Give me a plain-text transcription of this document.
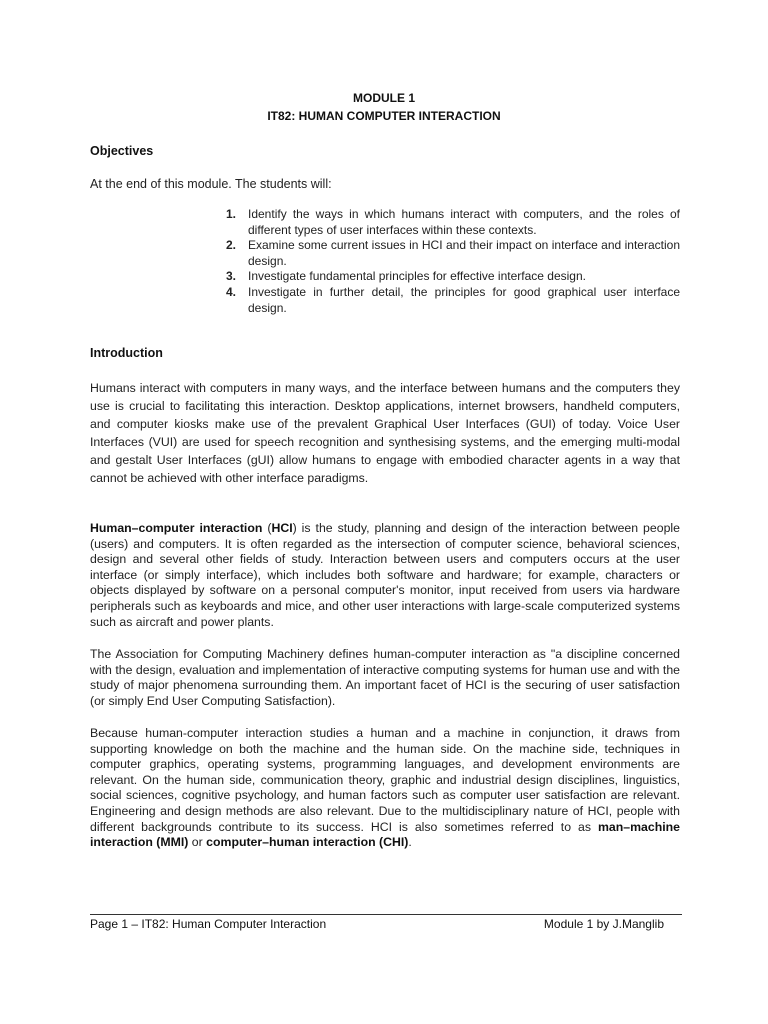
MODULE 1
IT82: HUMAN COMPUTER INTERACTION
Objectives

At the end of this module. The students will:

1. Identify the ways in which humans interact with computers, and the roles of different types of user interfaces within these contexts.
2. Examine some current issues in HCI and their impact on interface and interaction design.
3. Investigate fundamental principles for effective interface design.
4. Investigate in further detail, the principles for good graphical user interface design.
Introduction

Humans interact with computers in many ways, and the interface between humans and the computers they use is crucial to facilitating this interaction. Desktop applications, internet browsers, handheld computers, and computer kiosks make use of the prevalent Graphical User Interfaces (GUI) of today. Voice User Interfaces (VUI) are used for speech recognition and synthesising systems, and the emerging multi-modal and gestalt User Interfaces (gUI) allow humans to engage with embodied character agents in a way that cannot be achieved with other interface paradigms.

Human–computer interaction (HCI) is the study, planning and design of the interaction between people (users) and computers. It is often regarded as the intersection of computer science, behavioral sciences, design and several other fields of study. Interaction between users and computers occurs at the user interface (or simply interface), which includes both software and hardware; for example, characters or objects displayed by software on a personal computer's monitor, input received from users via hardware peripherals such as keyboards and mice, and other user interactions with large-scale computerized systems such as aircraft and power plants.

The Association for Computing Machinery defines human-computer interaction as "a discipline concerned with the design, evaluation and implementation of interactive computing systems for human use and with the study of major phenomena surrounding them. An important facet of HCI is the securing of user satisfaction (or simply End User Computing Satisfaction).

Because human-computer interaction studies a human and a machine in conjunction, it draws from supporting knowledge on both the machine and the human side. On the machine side, techniques in computer graphics, operating systems, programming languages, and development environments are relevant. On the human side, communication theory, graphic and industrial design disciplines, linguistics, social sciences, cognitive psychology, and human factors such as computer user satisfaction are relevant. Engineering and design methods are also relevant. Due to the multidisciplinary nature of HCI, people with different backgrounds contribute to its success. HCI is also sometimes referred to as man–machine interaction (MMI) or computer–human interaction (CHI).

Page 1 – IT82: Human Computer Interaction	Module 1 by J.Manglib
